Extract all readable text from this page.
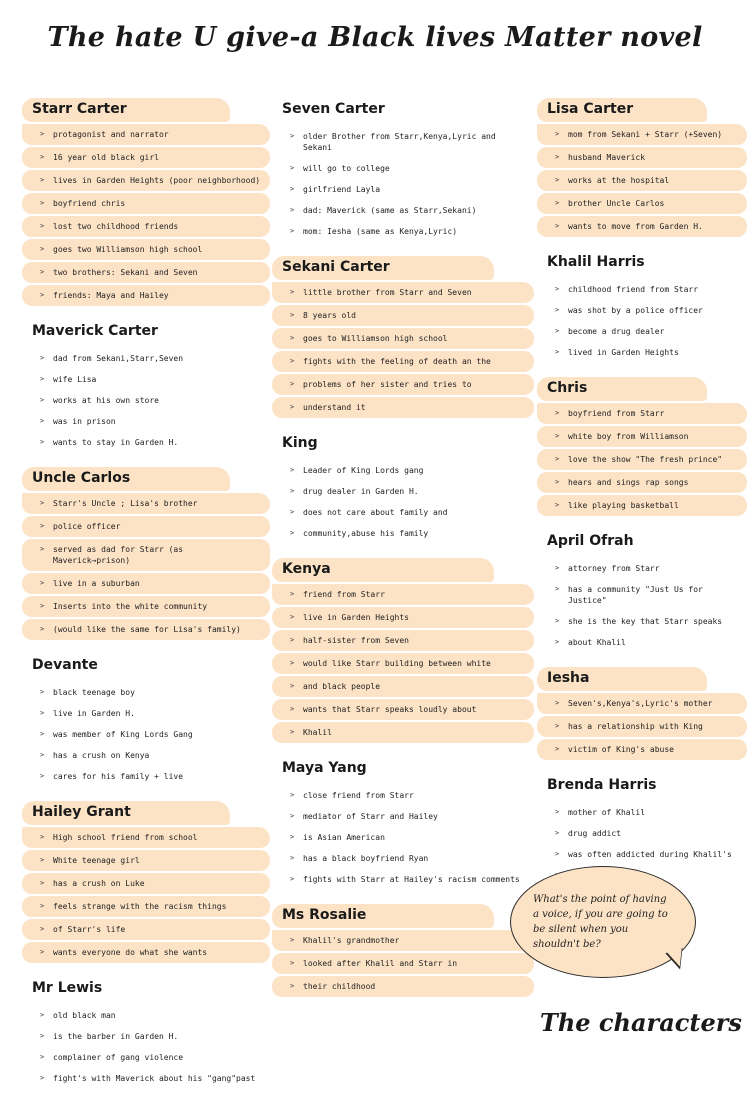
The hate U give-a Black lives Matter novel
Starr Carter
> protagonist and narrator
> 16 year old black girl
> lives in Garden Heights (poor neighborhood)
> boyfriend chris
> lost two childhood friends
> goes two Williamson high school
> two brothers: Sekani and Seven
> friends: Maya and Hailey
Maverick Carter
> dad from Sekani,Starr,Seven
> wife Lisa
> works at his own store
> was in prison
> wants to stay in Garden H.
Uncle Carlos
> Starr's Uncle ; Lisa's brother
> police officer
> served as dad for Starr (as Maverick→prison)
> live in a suburban
> Inserts into the white community
> (would like the same for Lisa's family)
Devante
> black teenage boy
> live in Garden H.
> was member of King Lords Gang
> has a crush on Kenya
> cares for his family + live
Hailey Grant
> High school friend from school
> White teenage girl
> has a crush on Luke
> feels strange with the racism things
> of Starr's life
> wants everyone do what she wants
Mr Lewis
> old black man
> is the barber in Garden H.
> complainer of gang violence
> fight's with Maverick about his "gang"past
Seven Carter
> older Brother from Starr,Kenya,Lyric and Sekani
> will go to college
> girlfriend Layla
> dad: Maverick (same as Starr,Sekani)
> mom: Iesha (same as Kenya,Lyric)
Sekani Carter
> little brother from Starr and Seven
> 8 years old
> goes to Williamson high school
> fights with the feeling of death an the
> problems of her sister and tries to
> understand it
King
> Leader of King Lords gang
> drug dealer in Garden H.
> does not care about family and
> community,abuse his family
Kenya
> friend from Starr
> live in Garden Heights
> half-sister from Seven
> would like Starr building between white
> and black people
> wants that Starr speaks loudly about
> Khalil
Maya Yang
> close friend from Starr
> mediator of Starr and Hailey
> is Asian American
> has a black boyfriend Ryan
> fights with Starr at Hailey's racism comments
Ms Rosalie
> Khalil's grandmother
> looked after Khalil and Starr in
> their childhood
Lisa Carter
> mom from Sekani + Starr (+Seven)
> husband Maverick
> works at the hospital
> brother Uncle Carlos
> wants to move from Garden H.
Khalil Harris
> childhood friend from Starr
> was shot by a police officer
> become a drug dealer
> lived in Garden Heights
Chris
> boyfriend from Starr
> white boy from Williamson
> love the show "The fresh prince"
> hears and sings rap songs
> like playing basketball
April Ofrah
> attorney from Starr
> has a community "Just Us for Justice"
> she is the key that Starr speaks
> about Khalil
Iesha
> Seven's,Kenya's,Lyric's mother
> has a relationship with King
> victim of King's abuse
Brenda Harris
> mother of Khalil
> drug addict
> was often addicted during Khalil's
>
What's the point of having a voice, if you are going to be silent when you shouldn't be?
The characters
